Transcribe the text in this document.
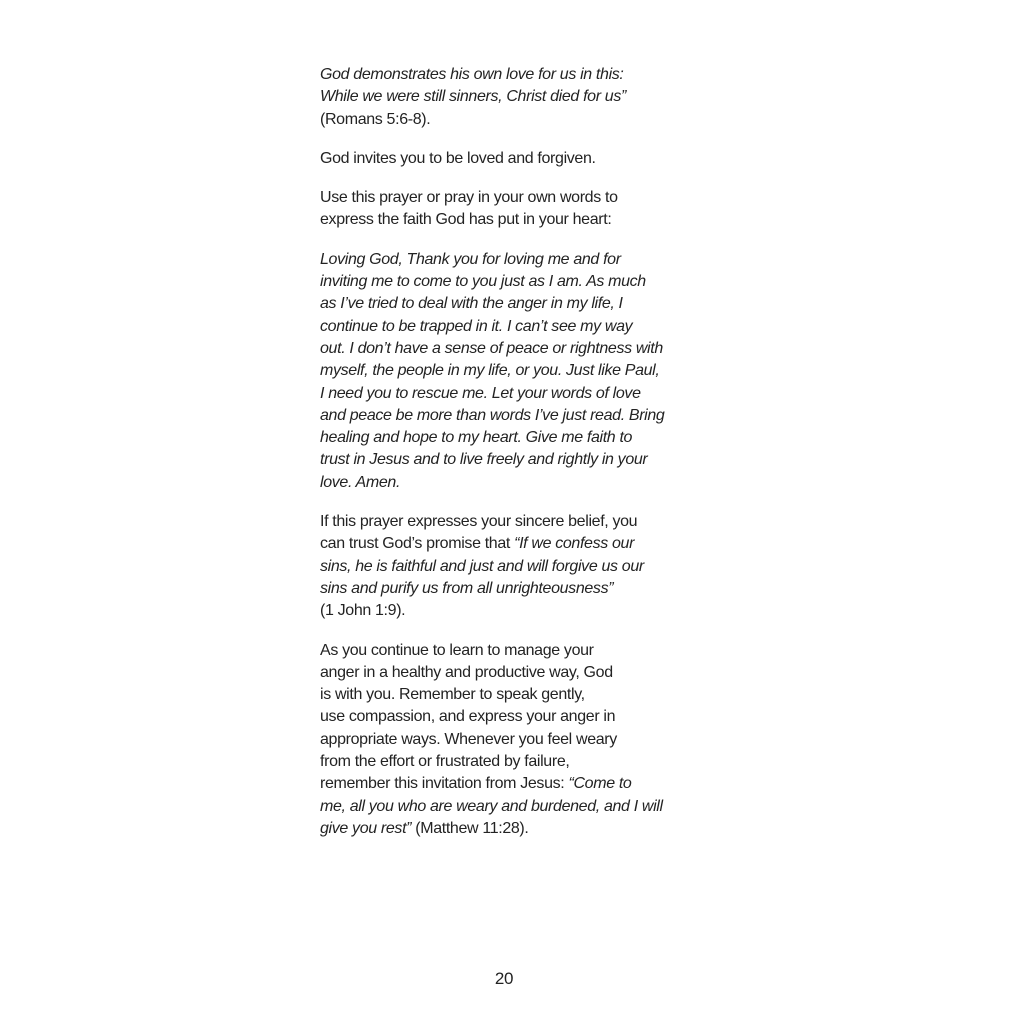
God demonstrates his own love for us in this:
While we were still sinners, Christ died for us”
(Romans 5:6-8).

God invites you to be loved and forgiven.

Use this prayer or pray in your own words to
express the faith God has put in your heart:

Loving God, Thank you for loving me and for
inviting me to come to you just as I am. As much
as I’ve tried to deal with the anger in my life, I
continue to be trapped in it. I can’t see my way
out. I don’t have a sense of peace or rightness with
myself, the people in my life, or you. Just like Paul,
I need you to rescue me. Let your words of love
and peace be more than words I’ve just read. Bring
healing and hope to my heart. Give me faith to
trust in Jesus and to live freely and rightly in your
love. Amen.

If this prayer expresses your sincere belief, you
can trust God’s promise that “If we confess our
sins, he is faithful and just and will forgive us our
sins and purify us from all unrighteousness”
(1 John 1:9).

As you continue to learn to manage your
anger in a healthy and productive way, God
is with you. Remember to speak gently,
use compassion, and express your anger in
appropriate ways. Whenever you feel weary
from the effort or frustrated by failure,
remember this invitation from Jesus: “Come to
me, all you who are weary and burdened, and I will
give you rest” (Matthew 11:28).

20
